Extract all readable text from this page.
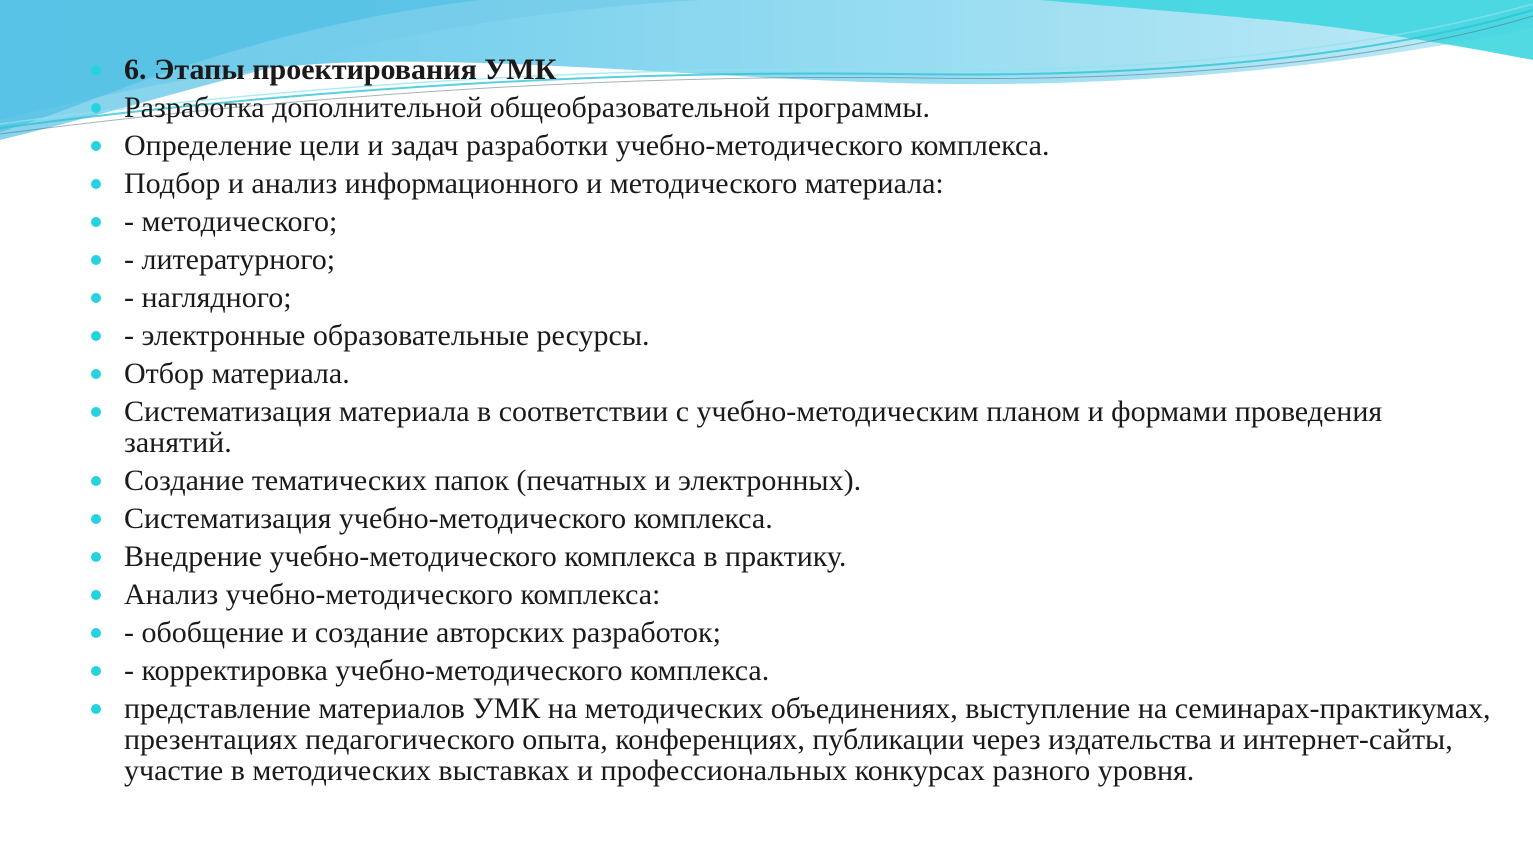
6. Этапы проектирования УМК
Разработка дополнительной общеобразовательной программы.
Определение цели и задач разработки учебно-методического комплекса.
Подбор и анализ информационного и методического материала:
- методического;
- литературного;
- наглядного;
- электронные образовательные ресурсы.
Отбор материала.
Систематизация материала в соответствии с учебно-методическим планом и формами проведения занятий.
Создание тематических папок (печатных и электронных).
Систематизация учебно-методического комплекса.
Внедрение учебно-методического комплекса в практику.
Анализ учебно-методического комплекса:
- обобщение и создание авторских разработок;
- корректировка учебно-методического комплекса.
представление материалов УМК на методических объединениях, выступление на семинарах-практикумах, презентациях педагогического опыта, конференциях, публикации через издательства и интернет-сайты, участие в методических выставках и профессиональных конкурсах разного уровня.
